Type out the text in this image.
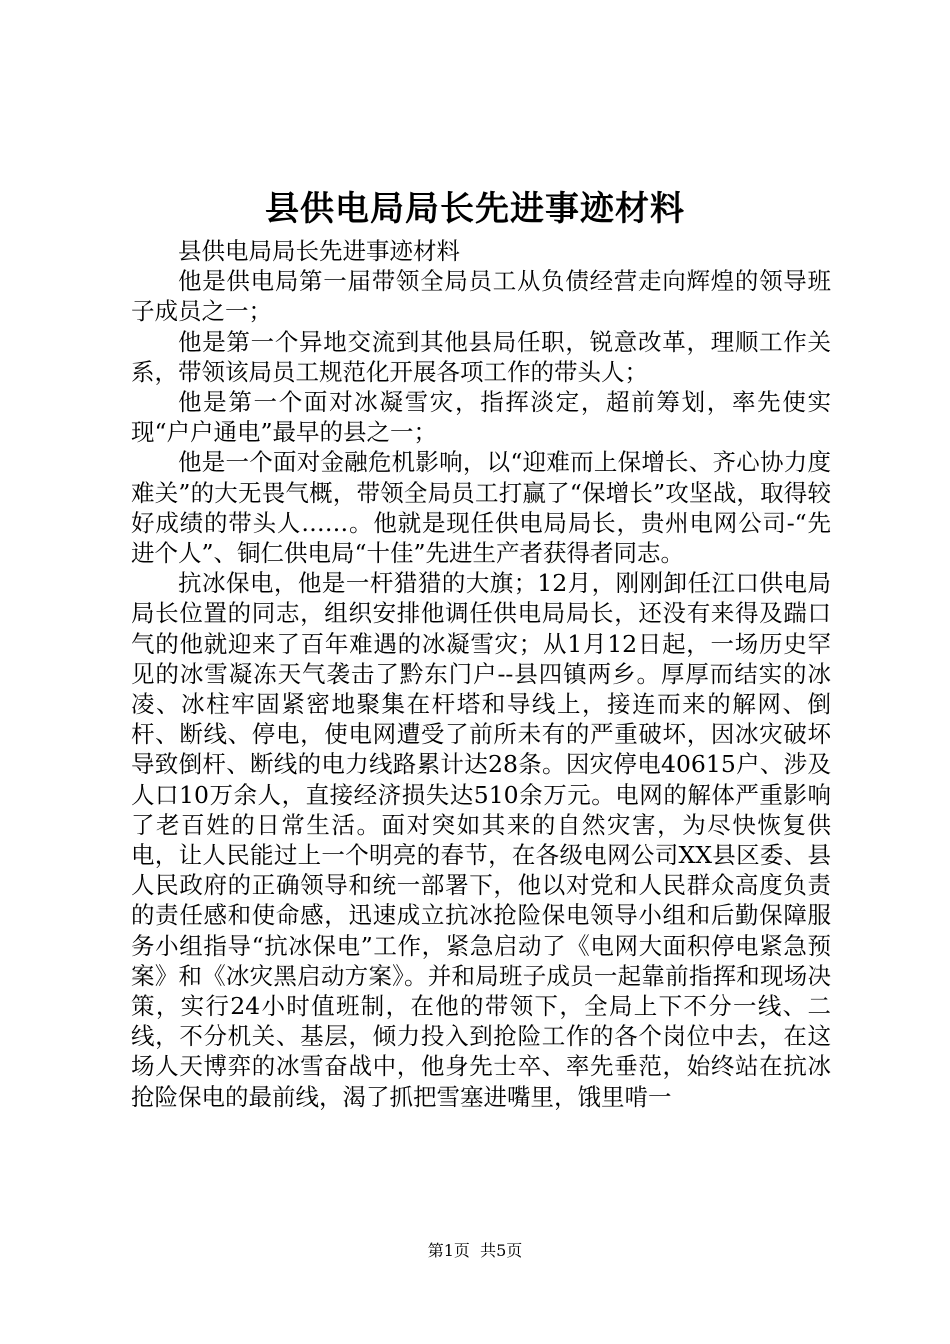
县供电局局长先进事迹材料

县供电局局长先进事迹材料

他是供电局第一届带领全局员工从负债经营走向辉煌的领导班子成员之一；

他是第一个异地交流到其他县局任职，锐意改革，理顺工作关系，带领该局员工规范化开展各项工作的带头人；

他是第一个面对冰凝雪灾，指挥淡定，超前筹划，率先使实现“户户通电”最早的县之一；

他是一个面对金融危机影响，以“迎难而上保增长、齐心协力度难关”的大无畏气概，带领全局员工打赢了“保增长”攻坚战，取得较好成绩的带头人……。他就是现任供电局局长，贵州电网公司-“先进个人”、铜仁供电局“十佳”先进生产者获得者同志。

抗冰保电，他是一杆猎猎的大旗；12月，刚刚卸任江口供电局局长位置的同志，组织安排他调任供电局局长，还没有来得及踹口气的他就迎来了百年难遇的冰凝雪灾；从1月12日起，一场历史罕见的冰雪凝冻天气袭击了黔东门户--县四镇两乡。厚厚而结实的冰凌、冰柱牢固紧密地聚集在杆塔和导线上，接连而来的解网、倒杆、断线、停电，使电网遭受了前所未有的严重破坏，因冰灾破坏导致倒杆、断线的电力线路累计达28条。因灾停电40615户、涉及人口10万余人，直接经济损失达510余万元。电网的解体严重影响了老百姓的日常生活。面对突如其来的自然灾害，为尽快恢复供电，让人民能过上一个明亮的春节，在各级电网公司XX县区委、县人民政府的正确领导和统一部署下，他以对党和人民群众高度负责的责任感和使命感，迅速成立抗冰抢险保电领导小组和后勤保障服务小组指导“抗冰保电”工作，紧急启动了《电网大面积停电紧急预案》和《冰灾黑启动方案》。并和局班子成员一起靠前指挥和现场决策，实行24小时值班制，在他的带领下，全局上下不分一线、二线，不分机关、基层，倾力投入到抢险工作的各个岗位中去，在这场人天博弈的冰雪奋战中，他身先士卒、率先垂范，始终站在抗冰抢险保电的最前线，渴了抓把雪塞进嘴里，饿里啃一

第1页 共5页
